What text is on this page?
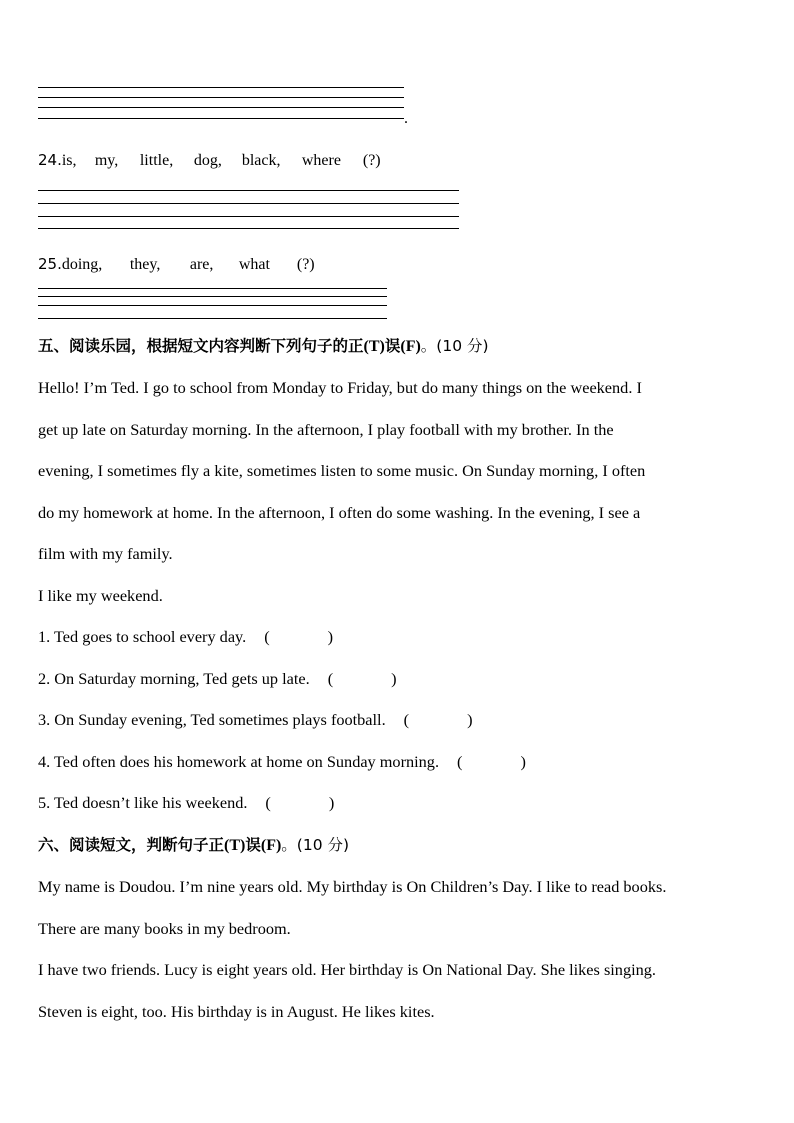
.
24.is, my, little, dog, black, where (?)
25.doing, they, are, what (?)
五、阅读乐园，根据短文内容判断下列句子的正(T)误(F)。(10 分)
Hello! I’m Ted. I go to school from Monday to Friday, but do many things on the weekend. I
get up late on Saturday morning. In the afternoon, I play football with my brother. In the
evening, I sometimes fly a kite, sometimes listen to some music. On Sunday morning, I often
do my homework at home. In the afternoon, I often do some washing. In the evening, I see a
film with my family.
I like my weekend.
1. Ted goes to school every day. (	)
2. On Saturday morning, Ted gets up late. (	)
3. On Sunday evening, Ted sometimes plays football. (	)
4. Ted often does his homework at home on Sunday morning. (	)
5. Ted doesn’t like his weekend. (	)
六、阅读短文，判断句子正(T)误(F)。(10 分)
My name is Doudou. I’m nine years old. My birthday is On Children’s Day. I like to read books.
There are many books in my bedroom.
I have two friends. Lucy is eight years old. Her birthday is On National Day. She likes singing.
Steven is eight, too. His birthday is in August. He likes kites.
